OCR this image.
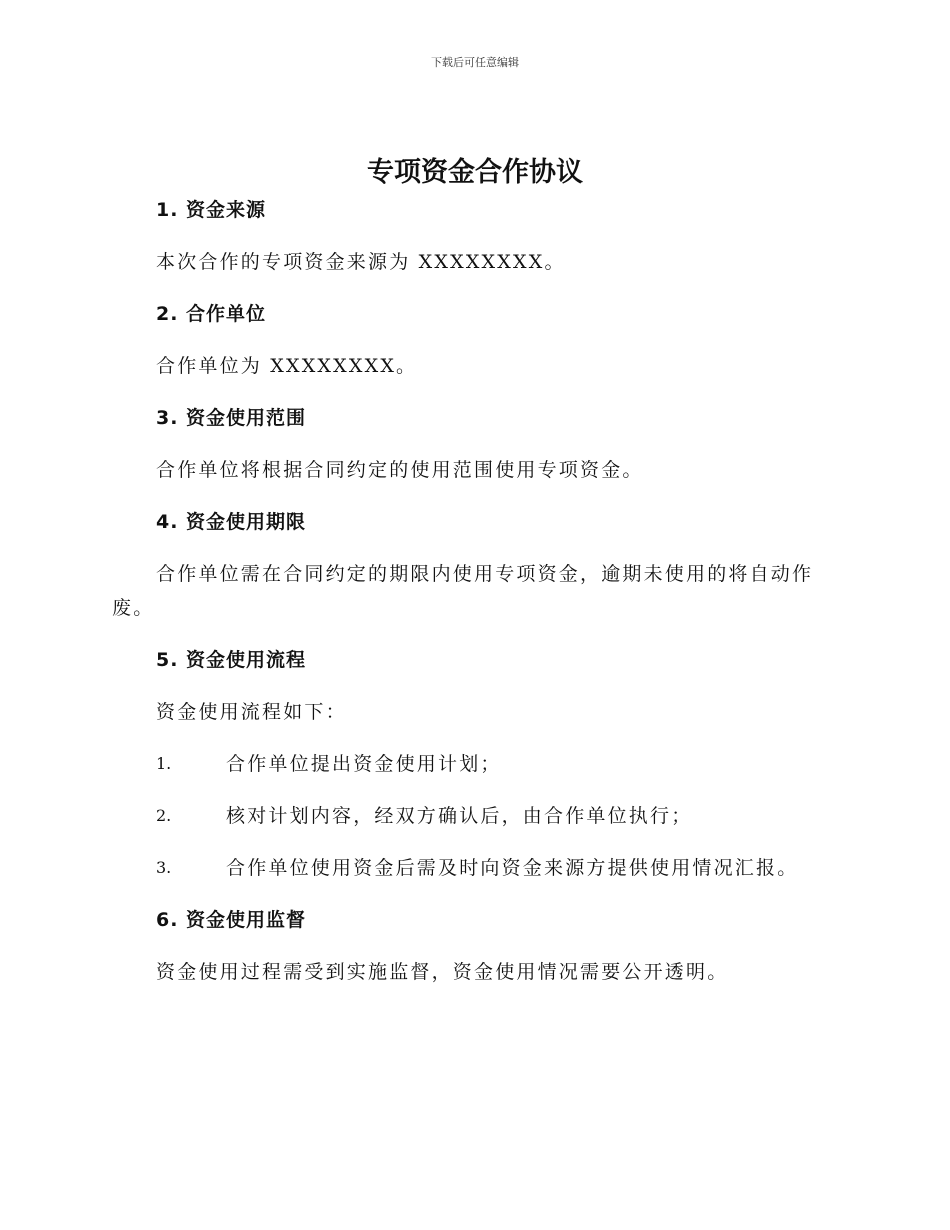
下载后可任意编辑
专项资金合作协议

1. 资金来源

本次合作的专项资金来源为 XXXXXXXX。

2. 合作单位

合作单位为 XXXXXXXX。

3. 资金使用范围

合作单位将根据合同约定的使用范围使用专项资金。

4. 资金使用期限

合作单位需在合同约定的期限内使用专项资金，逾期未使用的将自动作废。

5. 资金使用流程

资金使用流程如下：

1.	合作单位提出资金使用计划；
2.	核对计划内容，经双方确认后，由合作单位执行；
3.	合作单位使用资金后需及时向资金来源方提供使用情况汇报。

6. 资金使用监督

资金使用过程需受到实施监督，资金使用情况需要公开透明。
